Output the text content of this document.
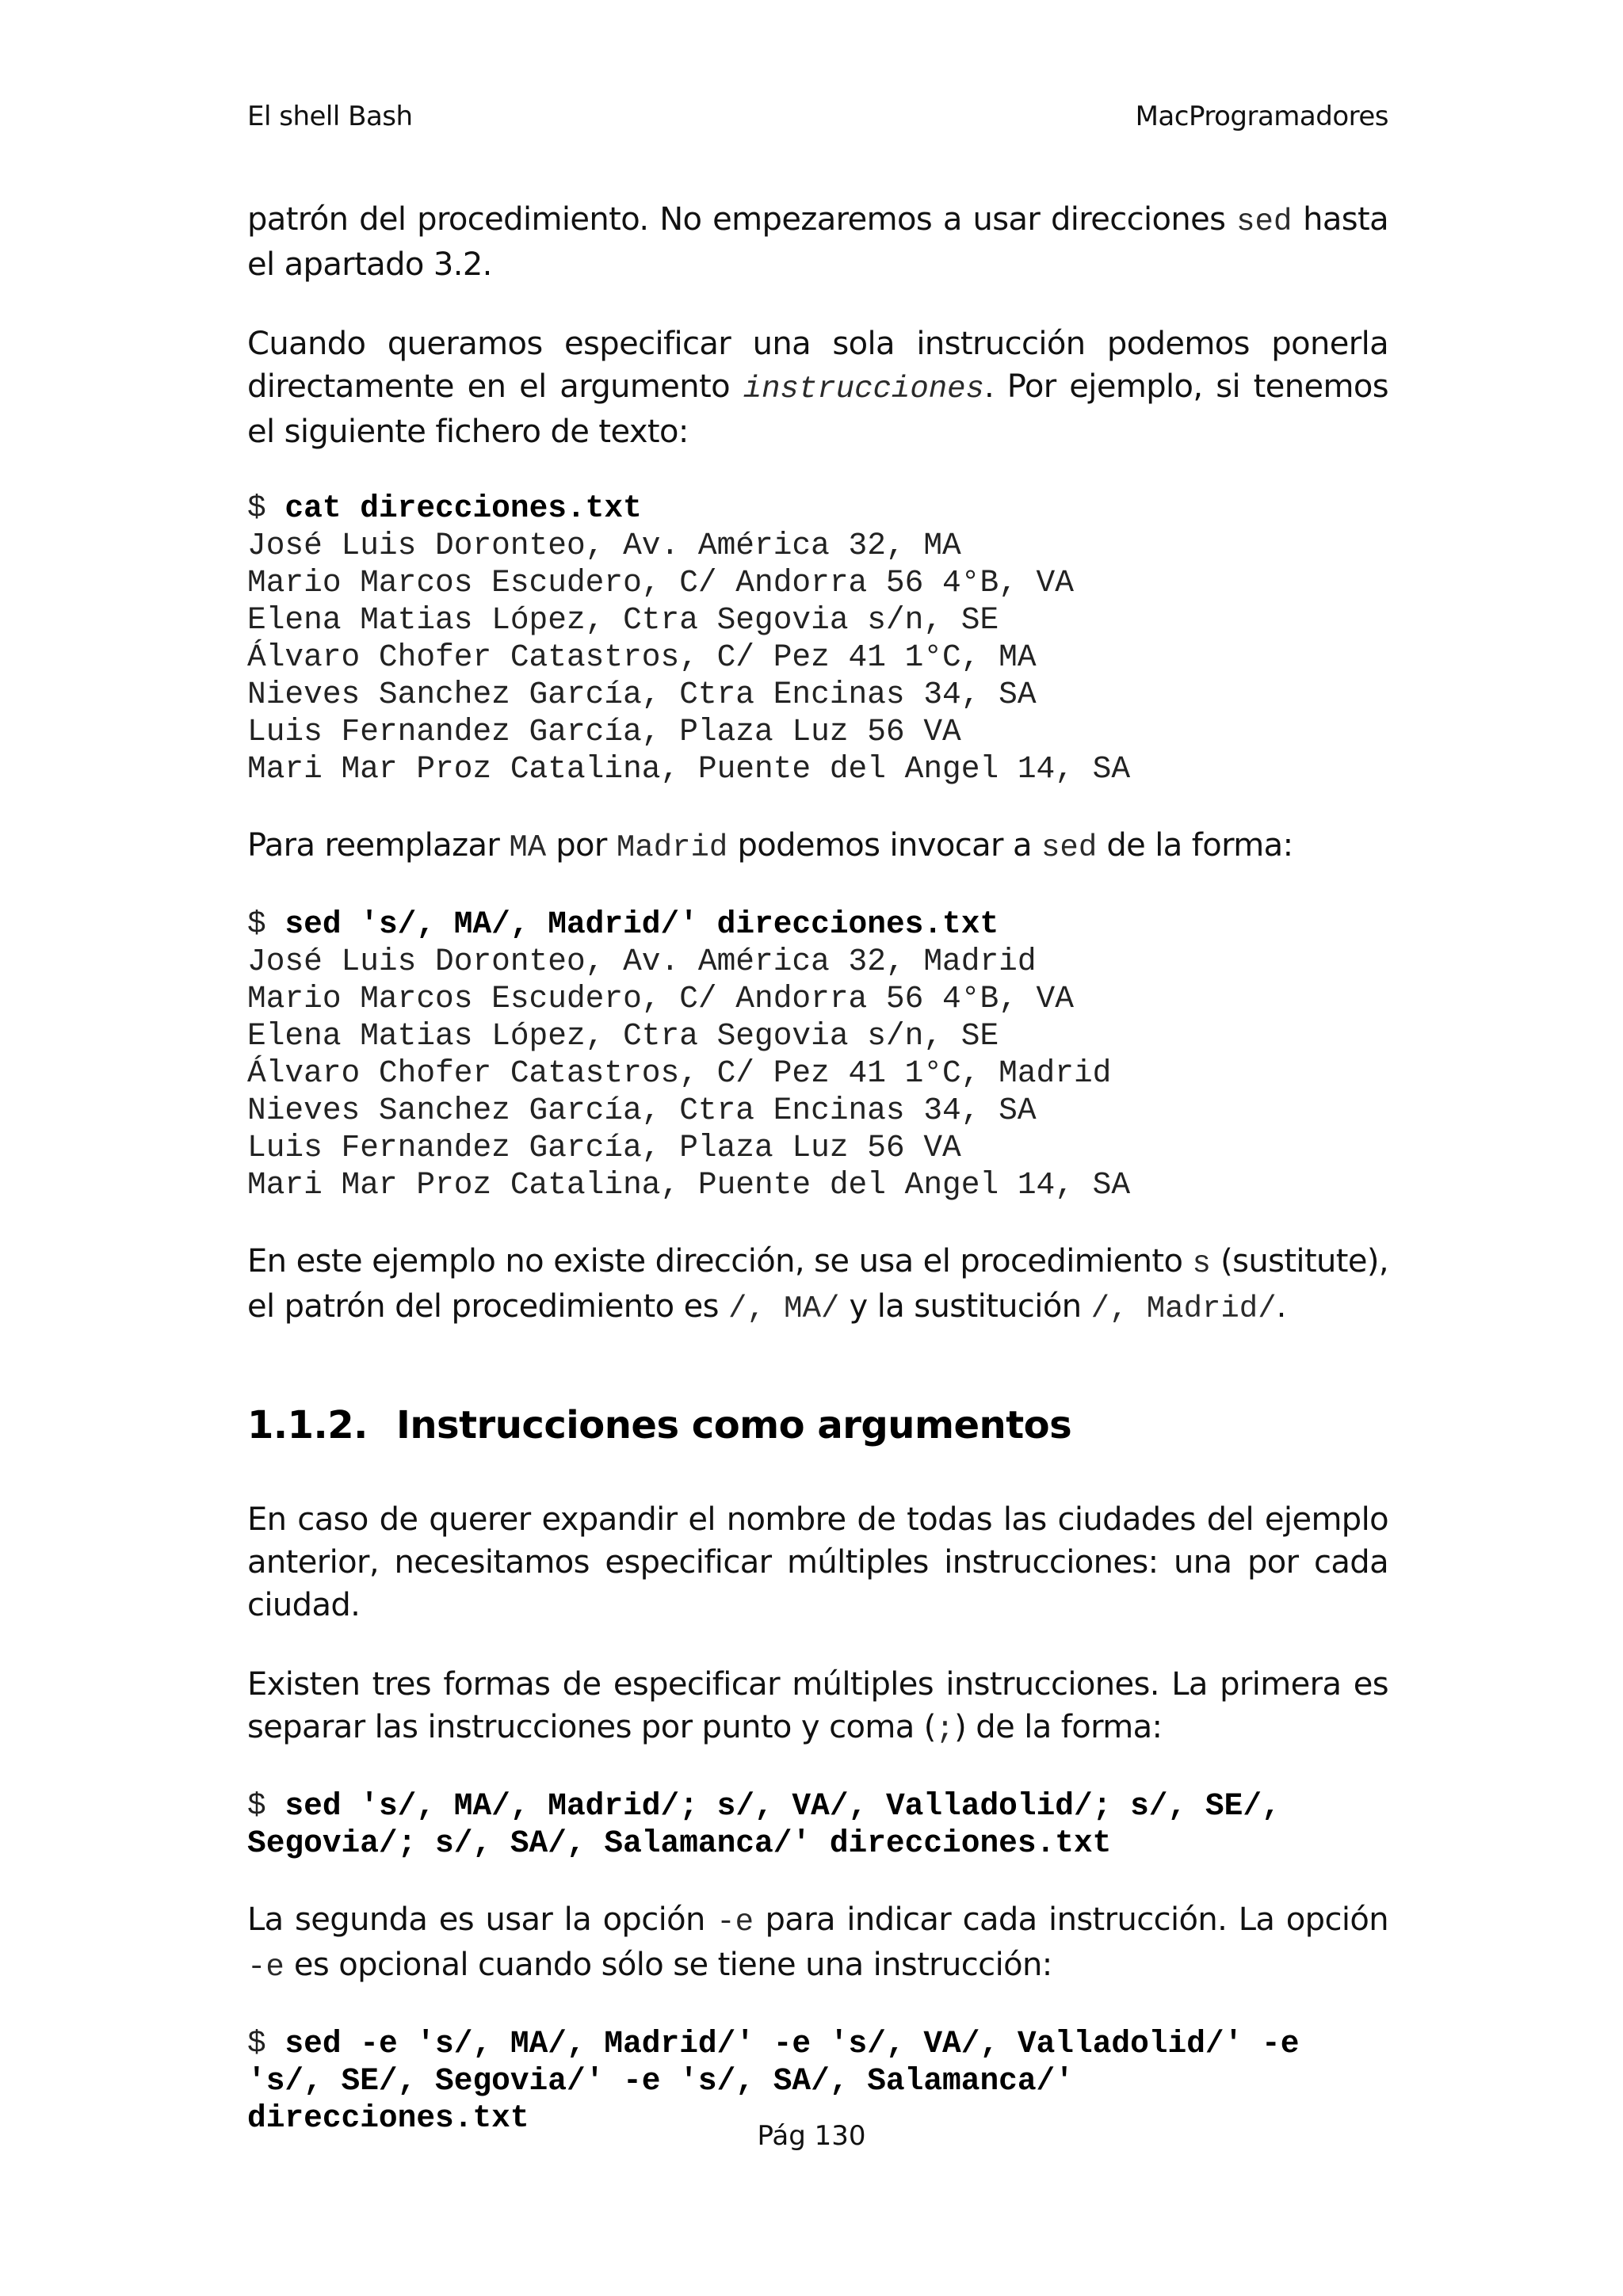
El shell Bash	MacProgramadores

patrón del procedimiento. No empezaremos a usar direcciones sed hasta el apartado 3.2.

Cuando queramos especificar una sola instrucción podemos ponerla directamente en el argumento instrucciones. Por ejemplo, si tenemos el siguiente fichero de texto:

$ cat direcciones.txt
José Luis Doronteo, Av. América 32, MA
Mario Marcos Escudero, C/ Andorra 56 4°B, VA
Elena Matias López, Ctra Segovia s/n, SE
Álvaro Chofer Catastros, C/ Pez 41 1°C, MA
Nieves Sanchez García, Ctra Encinas 34, SA
Luis Fernandez García, Plaza Luz 56 VA
Mari Mar Proz Catalina, Puente del Angel 14, SA

Para reemplazar MA por Madrid podemos invocar a sed de la forma:

$ sed 's/, MA/, Madrid/' direcciones.txt
José Luis Doronteo, Av. América 32, Madrid
Mario Marcos Escudero, C/ Andorra 56 4°B, VA
Elena Matias López, Ctra Segovia s/n, SE
Álvaro Chofer Catastros, C/ Pez 41 1°C, Madrid
Nieves Sanchez García, Ctra Encinas 34, SA
Luis Fernandez García, Plaza Luz 56 VA
Mari Mar Proz Catalina, Puente del Angel 14, SA

En este ejemplo no existe dirección, se usa el procedimiento s (sustitute), el patrón del procedimiento es /, MA/ y la sustitución /, Madrid/.

1.1.2. Instrucciones como argumentos

En caso de querer expandir el nombre de todas las ciudades del ejemplo anterior, necesitamos especificar múltiples instrucciones: una por cada ciudad.

Existen tres formas de especificar múltiples instrucciones. La primera es separar las instrucciones por punto y coma (;) de la forma:

$ sed 's/, MA/, Madrid/; s/, VA/, Valladolid/; s/, SE/,
Segovia/; s/, SA/, Salamanca/' direcciones.txt

La segunda es usar la opción -e para indicar cada instrucción. La opción -e es opcional cuando sólo se tiene una instrucción:

$ sed -e 's/, MA/, Madrid/' -e 's/, VA/, Valladolid/' -e
's/, SE/, Segovia/' -e 's/, SA/, Salamanca/'
direcciones.txt	Pág 130
